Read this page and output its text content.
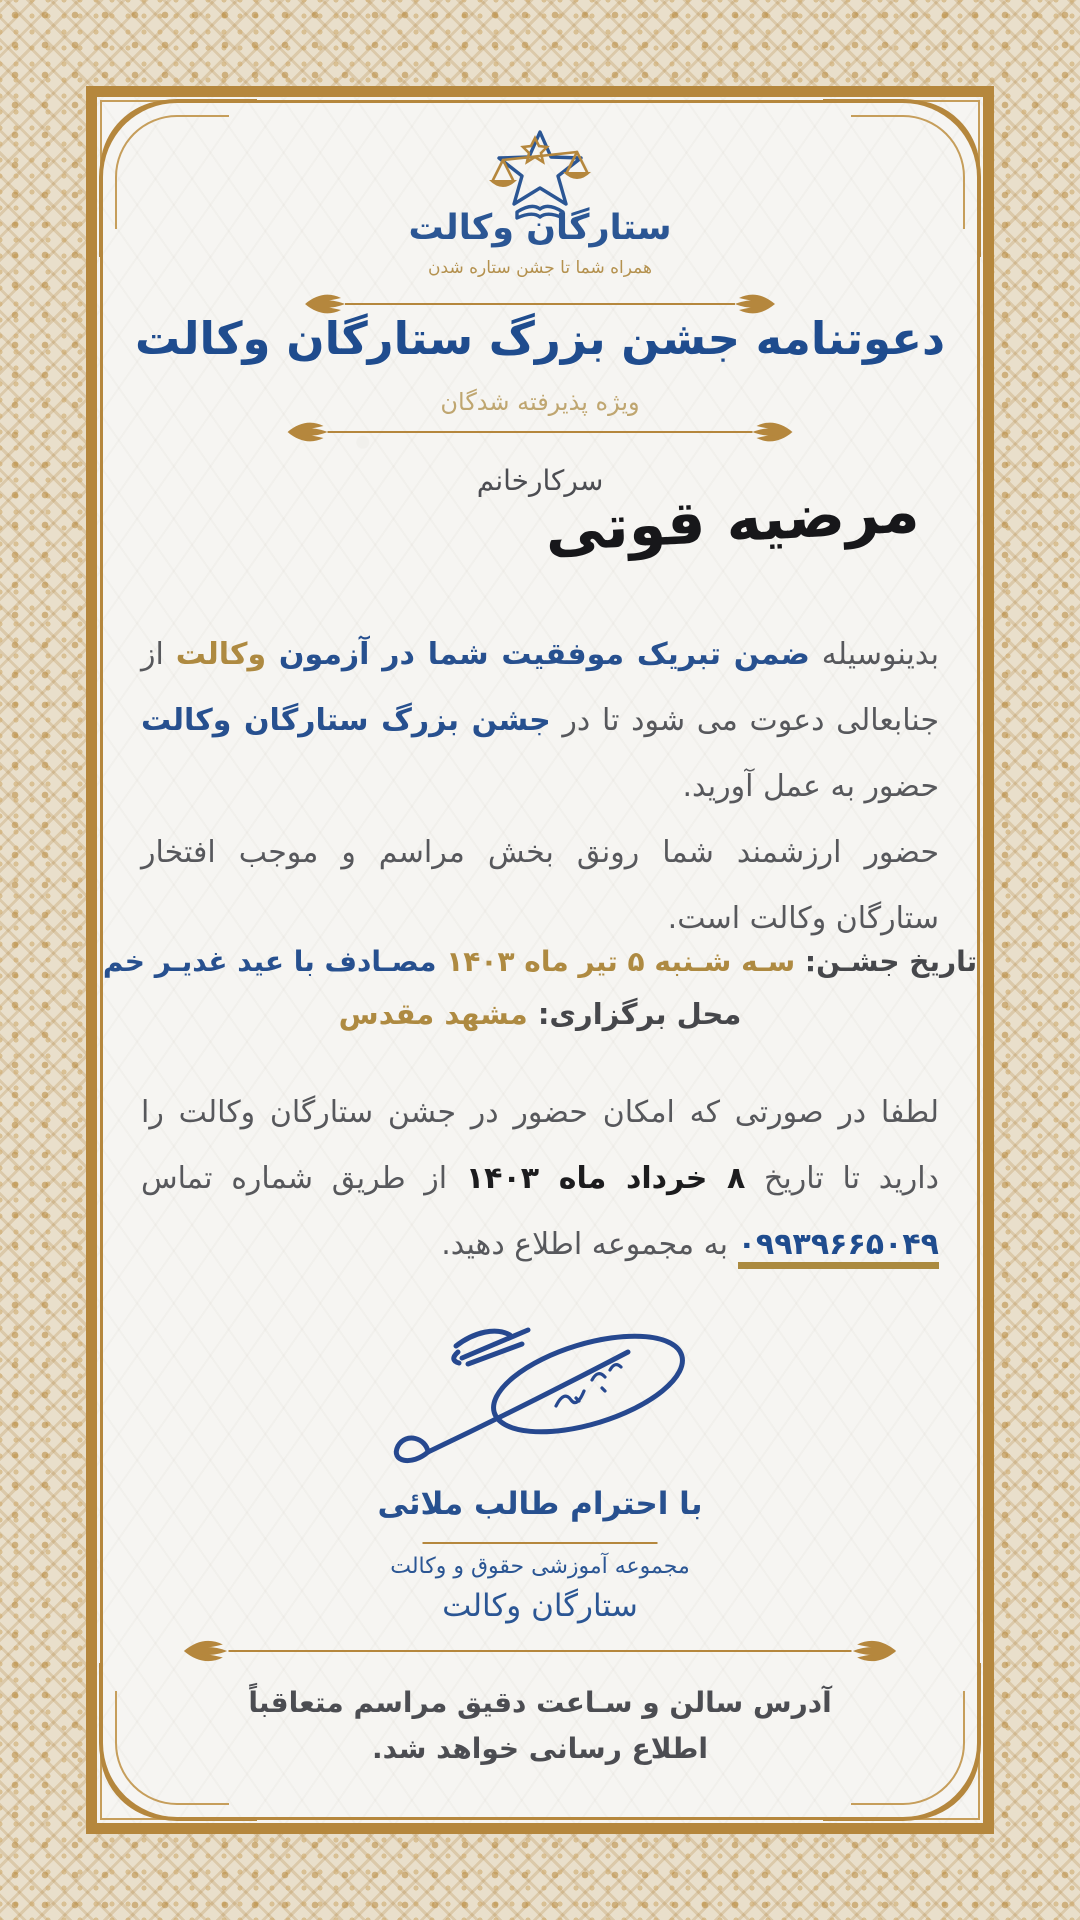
ستارگان وکالت
همراه شما تا جشن ستاره شدن
دعوتنامه جشن بزرگ ستارگان وکالت
ویژه پذیرفته شدگان
سرکارخانم
مرضیه قوتی

بدینوسیله ضمن تبریک موفقیت شما در آزمون وکالت از جنابعالی دعوت می شود تا در جشن بزرگ ستارگان وکالت حضور به عمل آورید.

حضور ارزشمند شما رونق بخش مراسم و موجب افتخار ستارگان وکالت است.

تاریخ جشـن: سـه شـنبه ۵ تیر ماه ۱۴۰۳ مصـادف با عید غدیـر خم
محل برگزاری: مشهد مقدس

لطفا در صورتی که امکان حضور در جشن ستارگان وکالت را دارید تا تاریخ ۸ خرداد ماه ۱۴۰۳ از طریق شماره تماس ۰۹۹۳۹۶۶۵۰۴۹ به مجموعه اطلاع دهید.

با احترام طالب ملائی
مجموعه آموزشی حقوق و وکالت
ستارگان وکالت
آدرس سالن و سـاعت دقیق مراسم متعاقباً
اطلاع رسانی خواهد شد.
